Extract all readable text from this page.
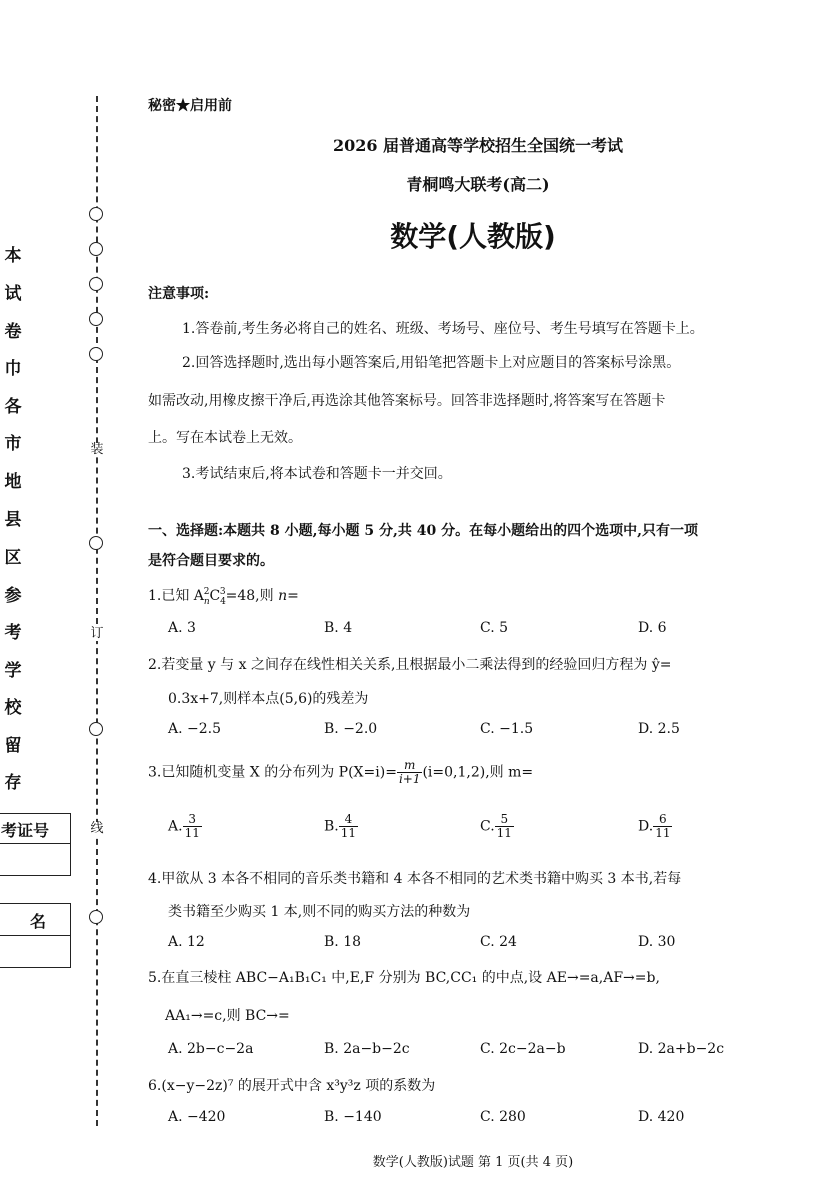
装
订
线
本
试
卷
巾
各
市
地
县
区
参
考
学
校
留
存
考证号
名
秘密★启用前
2026 届普通高等学校招生全国统一考试
青桐鸣大联考(高二)
数学(人教版)
注意事项:
1.答卷前,考生务必将自己的姓名、班级、考场号、座位号、考生号填写在答题卡上。
2.回答选择题时,选出每小题答案后,用铅笔把答题卡上对应题目的答案标号涂黑。
如需改动,用橡皮擦干净后,再选涂其他答案标号。回答非选择题时,将答案写在答题卡
上。写在本试卷上无效。
3.考试结束后,将本试卷和答题卡一并交回。
一、选择题:本题共 8 小题,每小题 5 分,共 40 分。在每小题给出的四个选项中,只有一项
是符合题目要求的。
1.已知 $A_n^2C_4^3=48$,则 n=
A. 3	B. 4	C. 5	D. 6
2.若变量 y 与 x 之间存在线性相关关系,且根据最小二乘法得到的经验回归方程为 ŷ=
0.3x+7,则样本点(5,6)的残差为
A. −2.5	B. −2.0	C. −1.5	D. 2.5
3.已知随机变量 X 的分布列为 $P(X=i)= \frac{m}{i+1} (i=0,1,2)$,则 m=
A. $\frac{3}{11}$	B. $\frac{4}{11}$	C. $\frac{5}{11}$	D. $\frac{6}{11}$
4.甲欲从 3 本各不相同的音乐类书籍和 4 本各不相同的艺术类书籍中购买 3 本书,若每
类书籍至少购买 1 本,则不同的购买方法的种数为
A. 12	B. 18	C. 24	D. 30
5.在直三棱柱 ABC−A₁B₁C₁ 中,E,F 分别为 BC,CC₁ 的中点,设 AE→=a,AF→=b,
AA₁→=c,则 BC→=
A. 2b−c−2a	B. 2a−b−2c	C. 2c−2a−b	D. 2a+b−2c
6.(x−y−2z)⁷ 的展开式中含 x³y³z 项的系数为
A. −420	B. −140	C. 280	D. 420
数学(人教版)试题 第 1 页(共 4 页)
